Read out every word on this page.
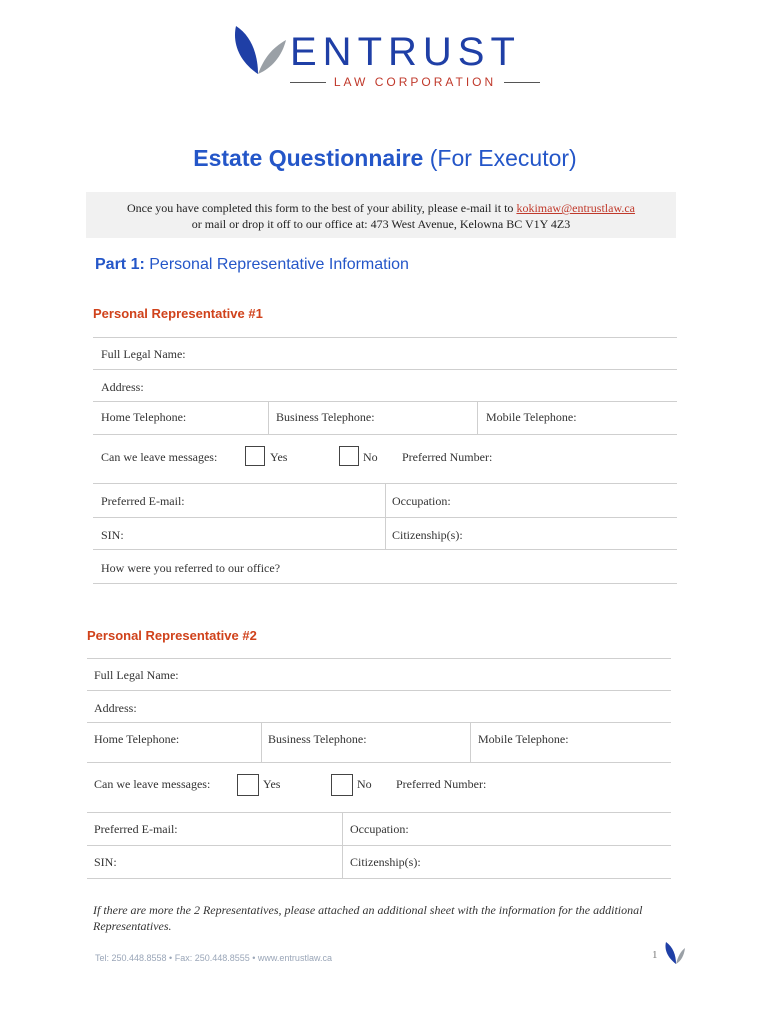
ENTRUST
LAW CORPORATION
Estate Questionnaire (For Executor)
Once you have completed this form to the best of your ability, please e-mail it to kokimaw@entrustlaw.ca
or mail or drop it off to our office at: 473 West Avenue, Kelowna BC V1Y 4Z3
Part 1: Personal Representative Information
Personal Representative #1
Full Legal Name:
Address:
Home Telephone:	Business Telephone:	Mobile Telephone:
Can we leave messages:	Yes	No Preferred Number:
Preferred E-mail:	Occupation:
SIN:	Citizenship(s):
How were you referred to our office?
Personal Representative #2
Full Legal Name:
Address:
Home Telephone:	Business Telephone:	Mobile Telephone:
Can we leave messages:	Yes	No Preferred Number:
Preferred E-mail:	Occupation:
SIN:	Citizenship(s):
If there are more the 2 Representatives, please attached an additional sheet with the information for the additional Representatives.
Tel: 250.448.8558 • Fax: 250.448.8555 • www.entrustlaw.ca	1
